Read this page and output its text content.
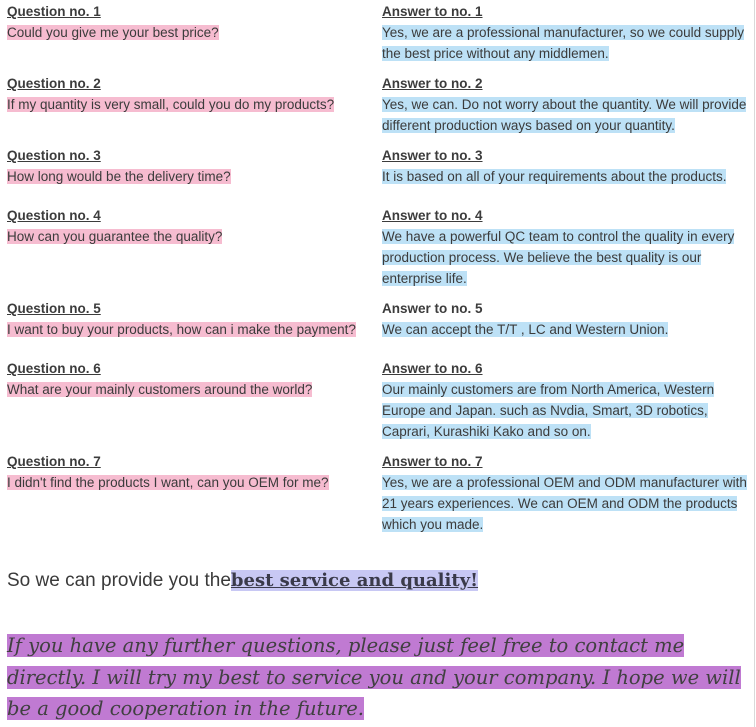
Question no. 1
Could you give me your best price?
Answer to no. 1
Yes, we are a professional manufacturer, so we could supply the best price without any middlemen.
Question no. 2
If my quantity is very small, could you do my products?
Answer to no. 2
Yes, we can. Do not worry about the quantity. We will provide different production ways based on your quantity.
Question no. 3
How long would be the delivery time?
Answer to no. 3
It is based on all of your requirements about the products.
Question no. 4
How can you guarantee the quality?
Answer to no. 4
We have a powerful QC team to control the quality in every production process. We believe the best quality is our enterprise life.
Question no. 5
I want to buy your products, how can i make the payment?
Answer to no. 5
We can accept the T/T , LC and Western Union.
Question no. 6
What are your mainly customers around the world?
Answer to no. 6
Our mainly customers are from North America, Western Europe and Japan. such as Nvdia, Smart, 3D robotics, Caprari, Kurashiki Kako and so on.
Question no. 7
I didn't find the products I want, can you OEM for me?
Answer to no. 7
Yes, we are a professional OEM and ODM manufacturer with 21 years experiences. We can OEM and ODM the products which you made.
So we can provide you thebest service and quality!
If you have any further questions, please just feel free to contact me directly. I will try my best to service you and your company. I hope we will be a good cooperation in the future.
